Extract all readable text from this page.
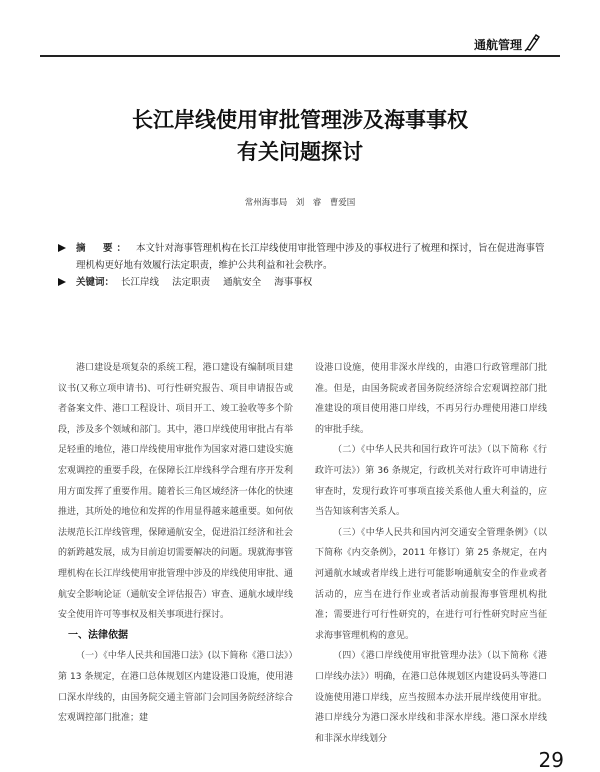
通航管理
长江岸线使用审批管理涉及海事事权
有关问题探讨
常州海事局　刘　睿　曹爱国
摘　要： 本文针对海事管理机构在长江岸线使用审批管理中涉及的事权进行了梳理和探讨，旨在促进海事管理机构更好地有效履行法定职责，维护公共利益和社会秩序。
关键词： 长江岸线 法定职责 通航安全 海事事权

港口建设是项复杂的系统工程，港口建设有编制项目建议书(又称立项申请书)、可行性研究报告、项目申请报告或者备案文件、港口工程设计、项目开工、竣工验收等多个阶段，涉及多个领域和部门。其中，港口岸线使用审批占有举足轻重的地位，港口岸线使用审批作为国家对港口建设实施宏观调控的重要手段，在保障长江岸线科学合理有序开发利用方面发挥了重要作用。随着长三角区域经济一体化的快速推进，其所处的地位和发挥的作用显得越来越重要。如何依法规范长江岸线管理，保障通航安全，促进沿江经济和社会的新跨越发展，成为目前迫切需要解决的问题。现就海事管理机构在长江岸线使用审批管理中涉及的岸线使用审批、通航安全影响论证（通航安全评估报告）审查、通航水域岸线安全使用许可等事权及相关事项进行探讨。

一、法律依据

（一）《中华人民共和国港口法》(以下简称《港口法》）第 13 条规定，在港口总体规划区内建设港口设施，使用港口深水岸线的，由国务院交通主管部门会同国务院经济综合宏观调控部门批准；建

设港口设施，使用非深水岸线的，由港口行政管理部门批准。但是，由国务院或者国务院经济综合宏观调控部门批准建设的项目使用港口岸线，不再另行办理使用港口岸线的审批手续。

（二）《中华人民共和国行政许可法》（以下简称《行政许可法》）第 36 条规定，行政机关对行政许可申请进行审查时，发现行政许可事项直接关系他人重大利益的，应当告知该利害关系人。

（三）《中华人民共和国内河交通安全管理条例》（以下简称《内交条例》，2011 年修订）第 25 条规定，在内河通航水域或者岸线上进行可能影响通航安全的作业或者活动的，应当在进行作业或者活动前报海事管理机构批准；需要进行可行性研究的，在进行可行性研究时应当征求海事管理机构的意见。

（四）《港口岸线使用审批管理办法》（以下简称《港口岸线办法》）明确，在港口总体规划区内建设码头等港口设施使用港口岸线，应当按照本办法开展岸线使用审批。港口岸线分为港口深水岸线和非深水岸线。港口深水岸线和非深水岸线划分

29
